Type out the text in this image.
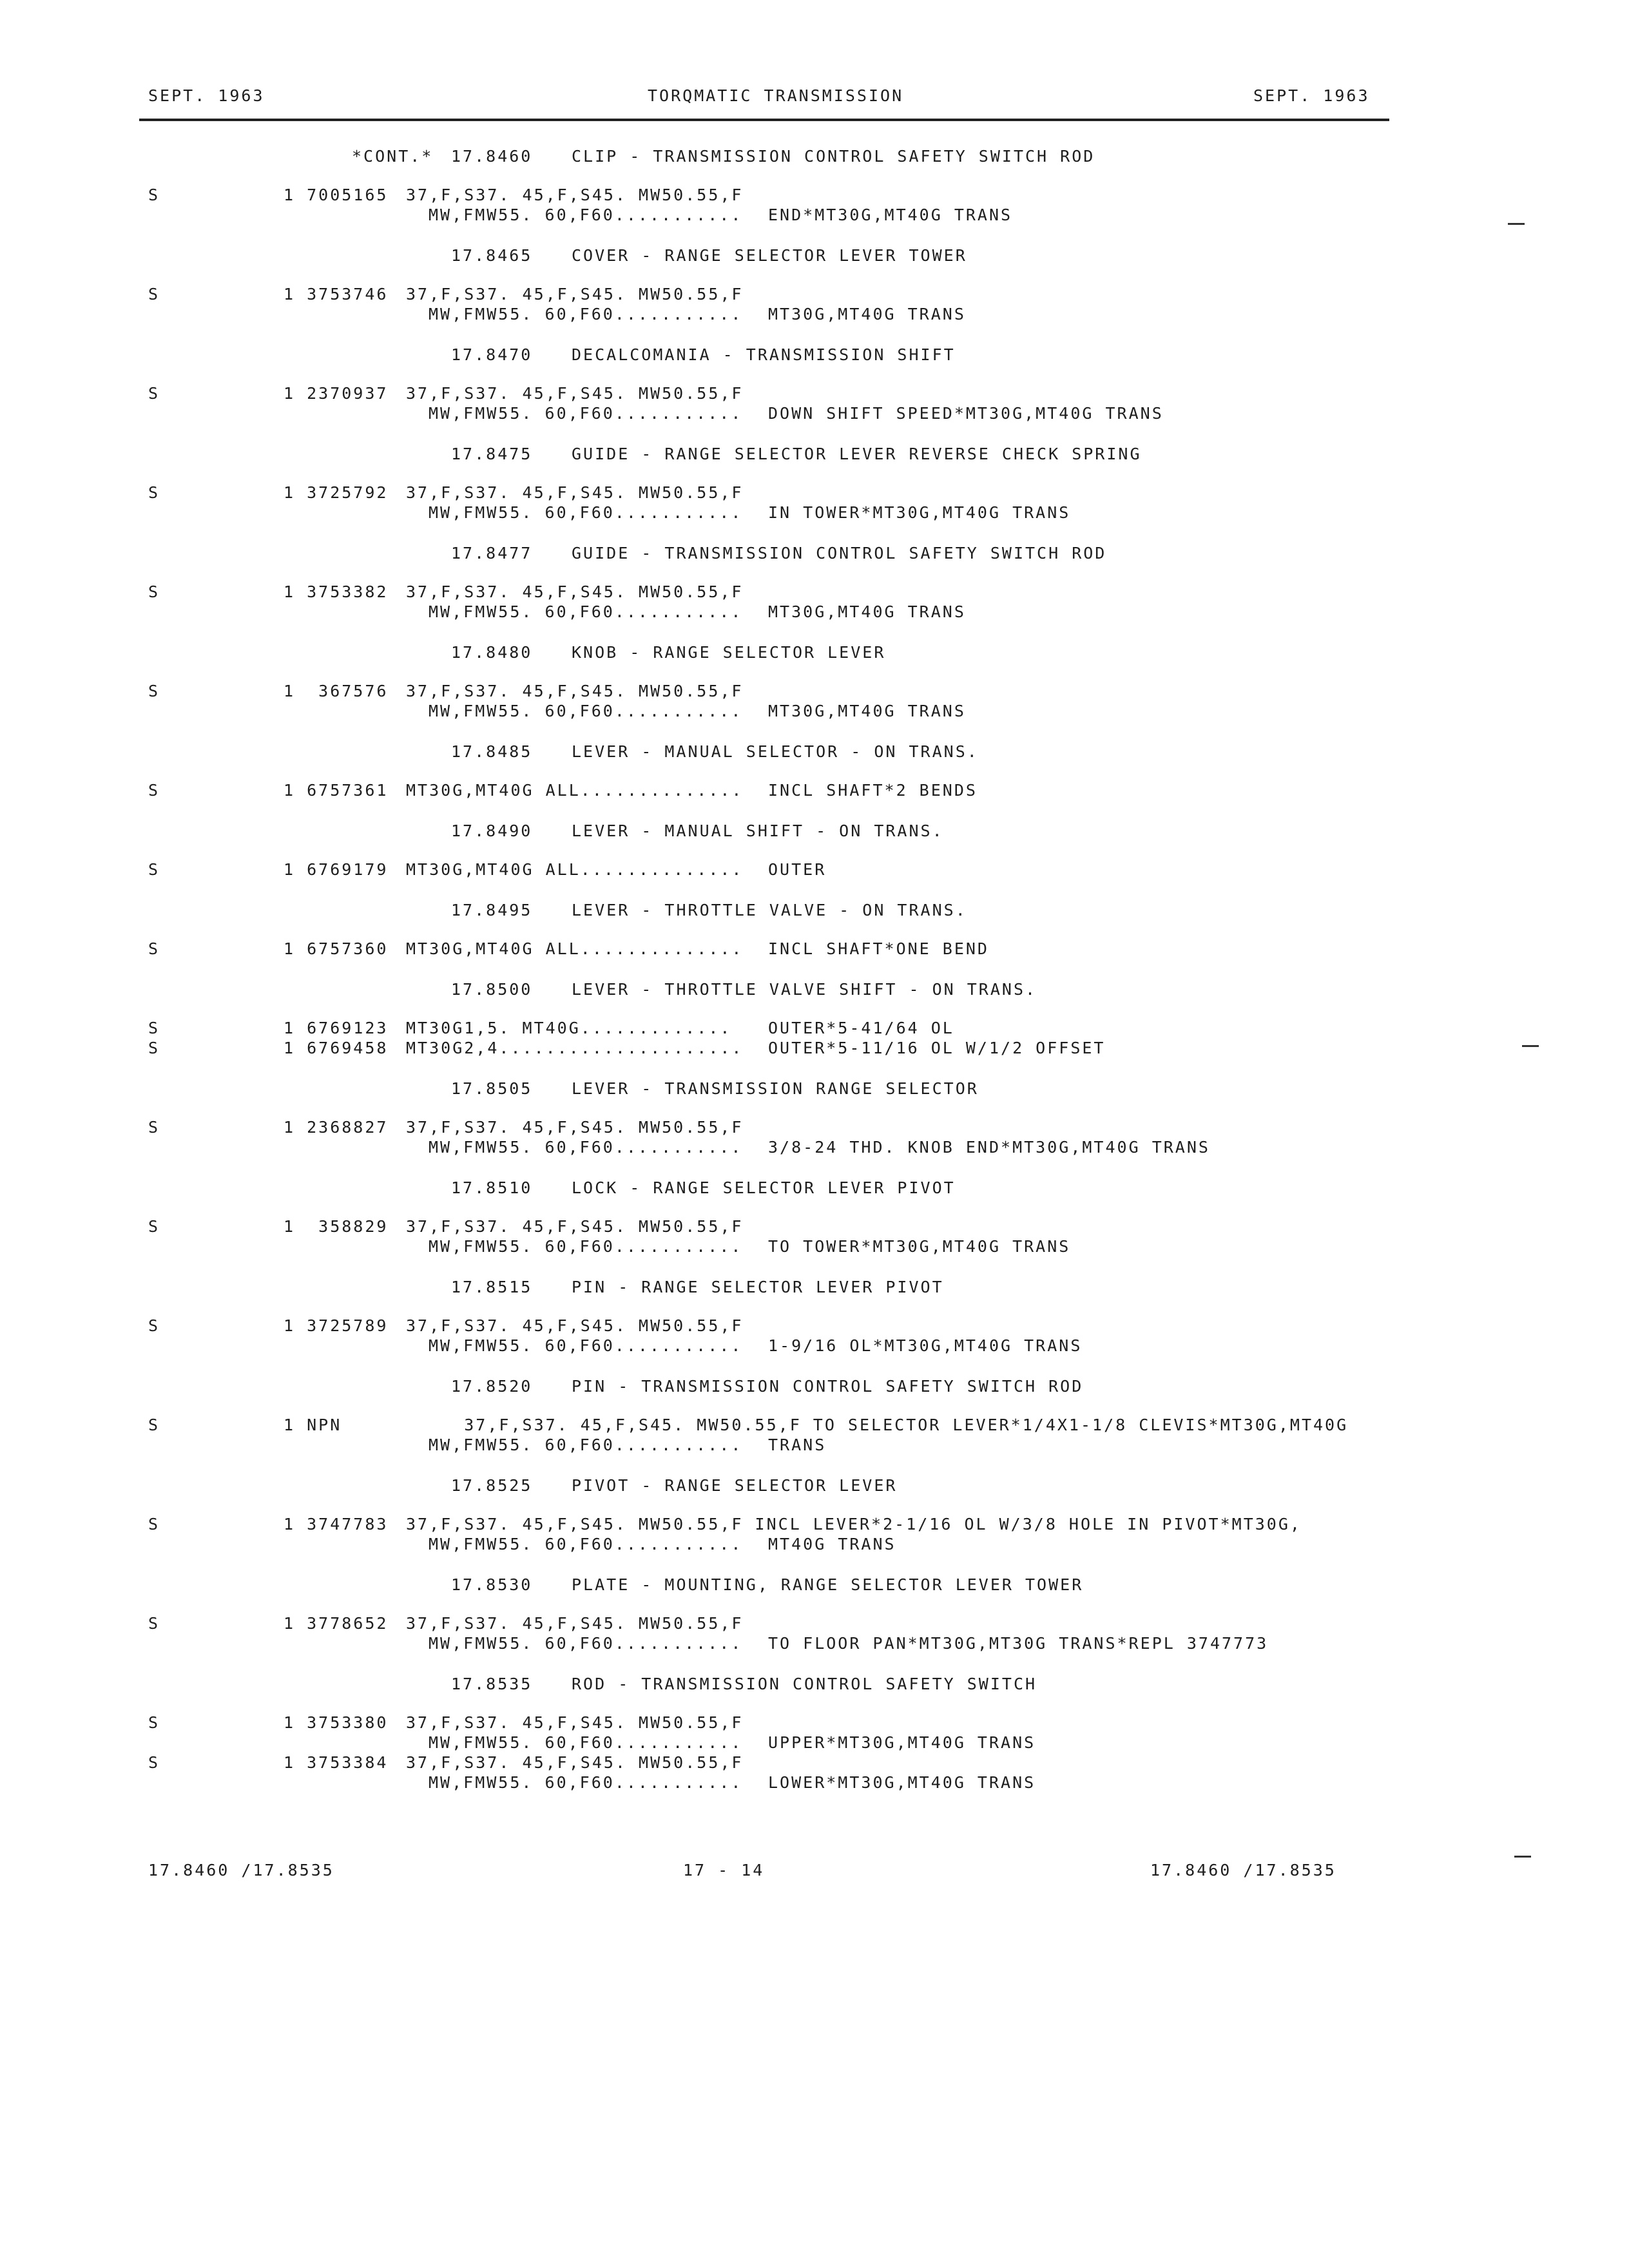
SEPT. 1963	TORQMATIC TRANSMISSION	SEPT. 1963
*CONT.* 17.8460 CLIP - TRANSMISSION CONTROL SAFETY SWITCH ROD
S	1 7005165 37,F,S37. 45,F,S45. MW50.55,F
MW,FMW55. 60,F60........... END*MT30G,MT40G TRANS
17.8465 COVER - RANGE SELECTOR LEVER TOWER
S	1 3753746 37,F,S37. 45,F,S45. MW50.55,F
MW,FMW55. 60,F60........... MT30G,MT40G TRANS
17.8470 DECALCOMANIA - TRANSMISSION SHIFT
S	1 2370937 37,F,S37. 45,F,S45. MW50.55,F
MW,FMW55. 60,F60........... DOWN SHIFT SPEED*MT30G,MT40G TRANS
17.8475 GUIDE - RANGE SELECTOR LEVER REVERSE CHECK SPRING
S	1 3725792 37,F,S37. 45,F,S45. MW50.55,F
MW,FMW55. 60,F60........... IN TOWER*MT30G,MT40G TRANS
17.8477 GUIDE - TRANSMISSION CONTROL SAFETY SWITCH ROD
S	1 3753382 37,F,S37. 45,F,S45. MW50.55,F
MW,FMW55. 60,F60........... MT30G,MT40G TRANS
17.8480 KNOB - RANGE SELECTOR LEVER
S	1  367576 37,F,S37. 45,F,S45. MW50.55,F
MW,FMW55. 60,F60........... MT30G,MT40G TRANS
17.8485 LEVER - MANUAL SELECTOR - ON TRANS.
S	1 6757361 MT30G,MT40G ALL.............. INCL SHAFT*2 BENDS
17.8490 LEVER - MANUAL SHIFT - ON TRANS.
S	1 6769179 MT30G,MT40G ALL.............. OUTER
17.8495 LEVER - THROTTLE VALVE - ON TRANS.
S	1 6757360 MT30G,MT40G ALL.............. INCL SHAFT*ONE BEND
17.8500 LEVER - THROTTLE VALVE SHIFT - ON TRANS.
S	1 6769123 MT30G1,5. MT40G............. OUTER*5-41/64 OL
S	1 6769458 MT30G2,4..................... OUTER*5-11/16 OL W/1/2 OFFSET
17.8505 LEVER - TRANSMISSION RANGE SELECTOR
S	1 2368827 37,F,S37. 45,F,S45. MW50.55,F
MW,FMW55. 60,F60........... 3/8-24 THD. KNOB END*MT30G,MT40G TRANS
17.8510 LOCK - RANGE SELECTOR LEVER PIVOT
S	1  358829 37,F,S37. 45,F,S45. MW50.55,F
MW,FMW55. 60,F60........... TO TOWER*MT30G,MT40G TRANS
17.8515 PIN - RANGE SELECTOR LEVER PIVOT
S	1 3725789 37,F,S37. 45,F,S45. MW50.55,F
MW,FMW55. 60,F60........... 1-9/16 OL*MT30G,MT40G TRANS
17.8520 PIN - TRANSMISSION CONTROL SAFETY SWITCH ROD
S	1 NPN	37,F,S37. 45,F,S45. MW50.55,F TO SELECTOR LEVER*1/4X1-1/8 CLEVIS*MT30G,MT40G
MW,FMW55. 60,F60........... TRANS
17.8525 PIVOT - RANGE SELECTOR LEVER
S	1 3747783 37,F,S37. 45,F,S45. MW50.55,F INCL LEVER*2-1/16 OL W/3/8 HOLE IN PIVOT*MT30G,
MW,FMW55. 60,F60........... MT40G TRANS
17.8530 PLATE - MOUNTING, RANGE SELECTOR LEVER TOWER
S	1 3778652 37,F,S37. 45,F,S45. MW50.55,F
MW,FMW55. 60,F60........... TO FLOOR PAN*MT30G,MT30G TRANS*REPL 3747773
17.8535 ROD - TRANSMISSION CONTROL SAFETY SWITCH
S	1 3753380 37,F,S37. 45,F,S45. MW50.55,F
MW,FMW55. 60,F60........... UPPER*MT30G,MT40G TRANS
S	1 3753384 37,F,S37. 45,F,S45. MW50.55,F
MW,FMW55. 60,F60........... LOWER*MT30G,MT40G TRANS
17.8460 /17.8535	17 - 14	17.8460 /17.8535
